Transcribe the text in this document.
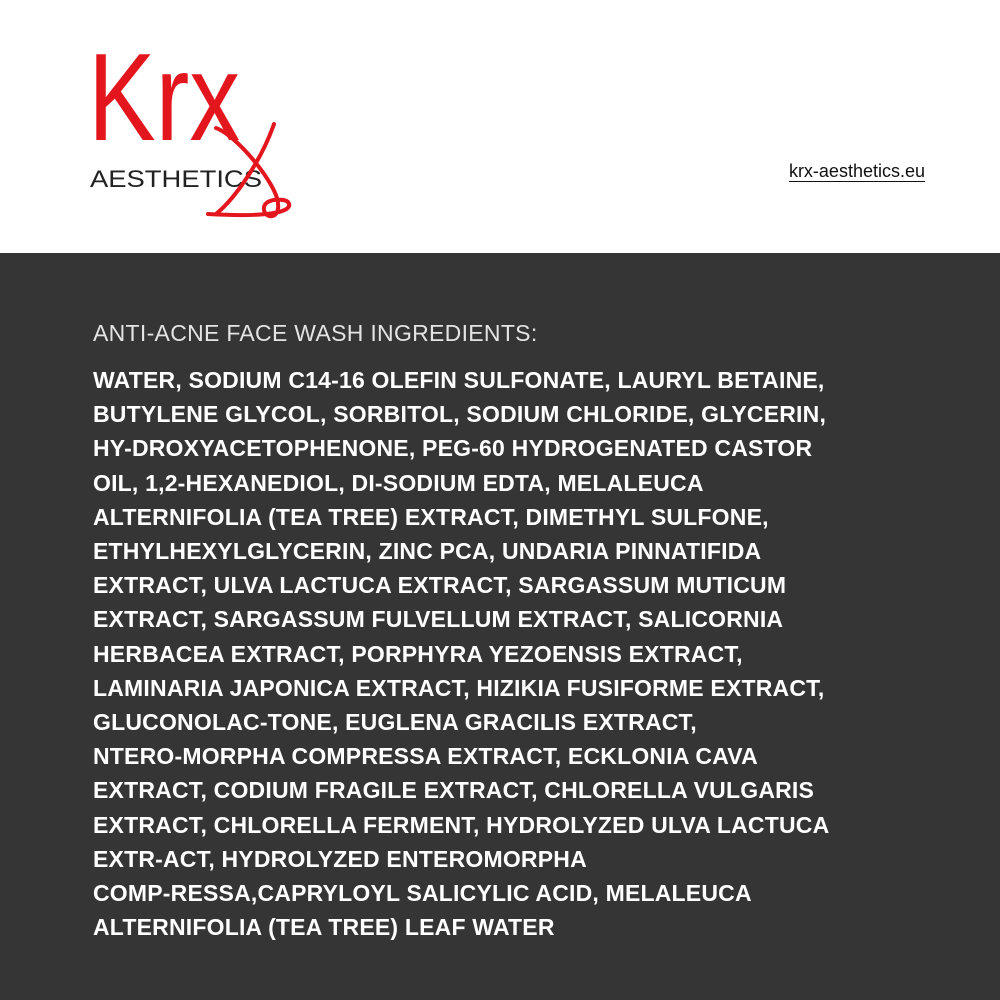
Krx
AESTHETICS	krx-aesthetics.eu
ANTI-ACNE FACE WASH INGREDIENTS:

WATER, SODIUM C14-16 OLEFIN SULFONATE, LAURYL BETAINE,
BUTYLENE GLYCOL, SORBITOL, SODIUM CHLORIDE, GLYCERIN,
HY-DROXYACETOPHENONE, PEG-60 HYDROGENATED CASTOR
OIL, 1,2-HEXANEDIOL, DI-SODIUM EDTA, MELALEUCA
ALTERNIFOLIA (TEA TREE) EXTRACT, DIMETHYL SULFONE,
ETHYLHEXYLGLYCERIN, ZINC PCA, UNDARIA PINNATIFIDA
EXTRACT, ULVA LACTUCA EXTRACT, SARGASSUM MUTICUM
EXTRACT, SARGASSUM FULVELLUM EXTRACT, SALICORNIA
HERBACEA EXTRACT, PORPHYRA YEZOENSIS EXTRACT,
LAMINARIA JAPONICA EXTRACT, HIZIKIA FUSIFORME EXTRACT,
GLUCONOLAC-TONE, EUGLENA GRACILIS EXTRACT,
NTERO-MORPHA COMPRESSA EXTRACT, ECKLONIA CAVA
EXTRACT, CODIUM FRAGILE EXTRACT, CHLORELLA VULGARIS
EXTRACT, CHLORELLA FERMENT, HYDROLYZED ULVA LACTUCA
EXTR-ACT, HYDROLYZED ENTEROMORPHA
COMP-RESSA,CAPRYLOYL SALICYLIC ACID, MELALEUCA
ALTERNIFOLIA (TEA TREE) LEAF WATER
